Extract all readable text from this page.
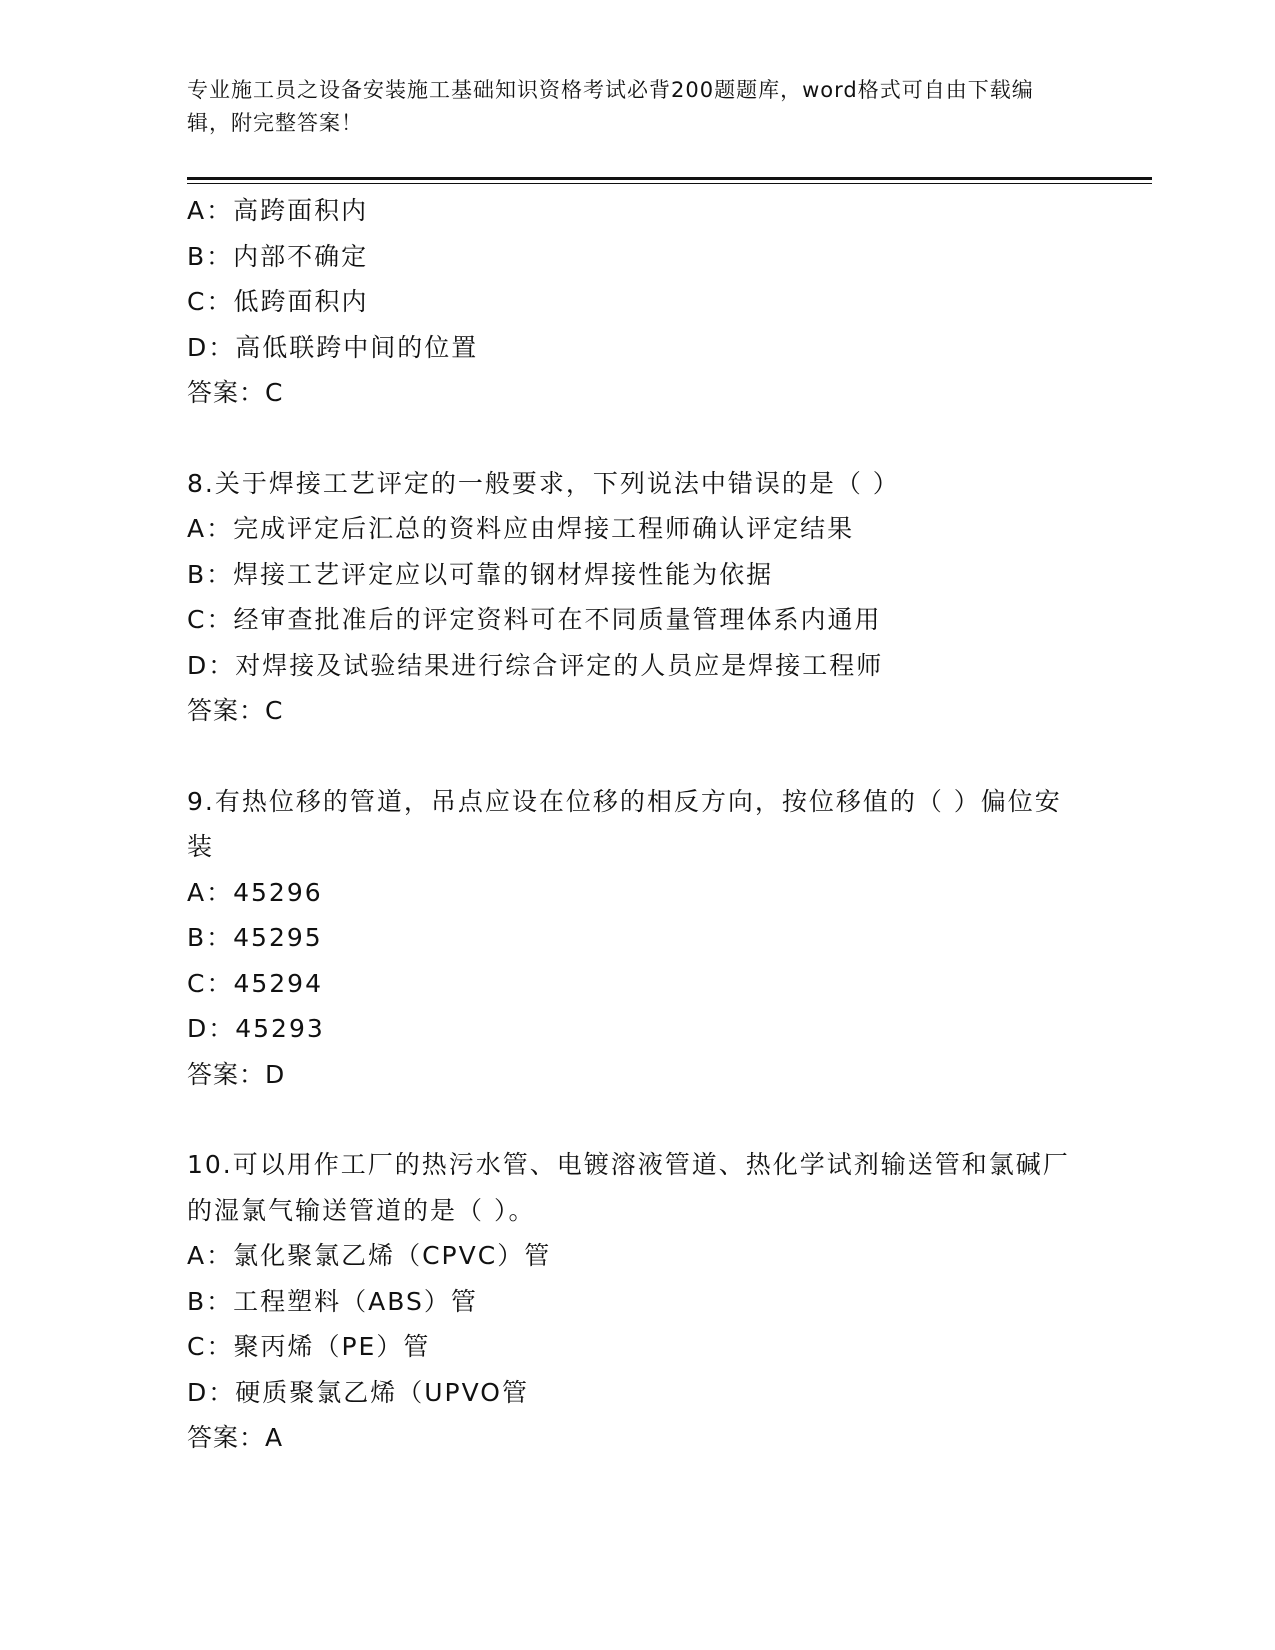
专业施工员之设备安装施工基础知识资格考试必背200题题库，word格式可自由下载编辑，附完整答案！
A：高跨面积内
B：内部不确定
C：低跨面积内
D：高低联跨中间的位置
答案：C
8.关于焊接工艺评定的一般要求，下列说法中错误的是（ ）
A：完成评定后汇总的资料应由焊接工程师确认评定结果
B：焊接工艺评定应以可靠的钢材焊接性能为依据
C：经审查批准后的评定资料可在不同质量管理体系内通用
D：对焊接及试验结果进行综合评定的人员应是焊接工程师
答案：C
9.有热位移的管道，吊点应设在位移的相反方向，按位移值的（ ）偏位安装
A：45296
B：45295
C：45294
D：45293
答案：D
10.可以用作工厂的热污水管、电镀溶液管道、热化学试剂输送管和氯碱厂的湿氯气输送管道的是（ ）。
A：氯化聚氯乙烯（CPVC）管
B：工程塑料（ABS）管
C：聚丙烯（PE）管
D：硬质聚氯乙烯（UPVO管
答案：A
